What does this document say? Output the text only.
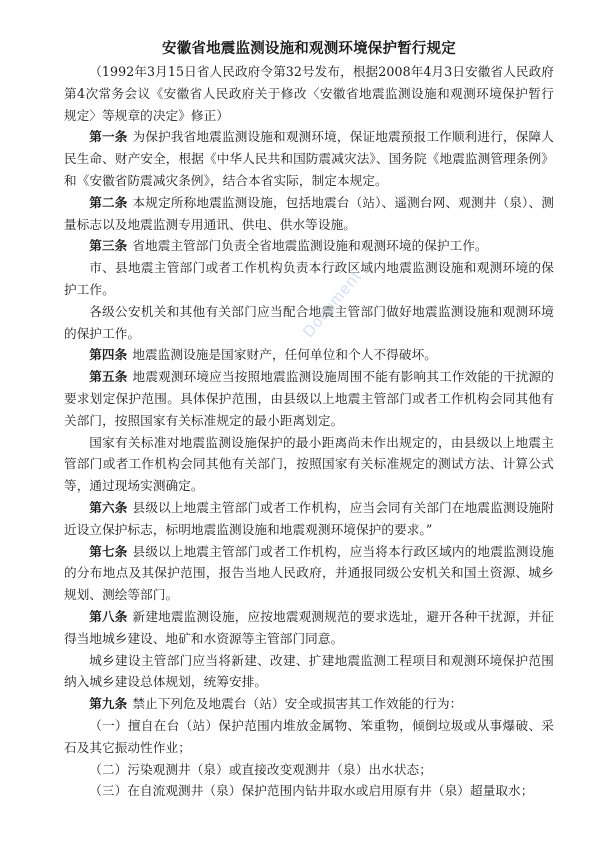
安徽省地震监测设施和观测环境保护暂行规定

（1992年3月15日省人民政府令第32号发布，根据2008年4月3日安徽省人民政府第4次常务会议《安徽省人民政府关于修改〈安徽省地震监测设施和观测环境保护暂行规定〉等规章的决定》修正）

第一条 为保护我省地震监测设施和观测环境，保证地震预报工作顺利进行，保障人民生命、财产安全，根据《中华人民共和国防震减灾法》、国务院《地震监测管理条例》和《安徽省防震减灾条例》，结合本省实际，制定本规定。

第二条 本规定所称地震监测设施，包括地震台（站）、遥测台网、观测井（泉）、测量标志以及地震监测专用通讯、供电、供水等设施。

第三条 省地震主管部门负责全省地震监测设施和观测环境的保护工作。

市、县地震主管部门或者工作机构负责本行政区域内地震监测设施和观测环境的保护工作。

各级公安机关和其他有关部门应当配合地震主管部门做好地震监测设施和观测环境的保护工作。

第四条 地震监测设施是国家财产，任何单位和个人不得破坏。

第五条 地震观测环境应当按照地震监测设施周围不能有影响其工作效能的干扰源的要求划定保护范围。具体保护范围，由县级以上地震主管部门或者工作机构会同其他有关部门，按照国家有关标准规定的最小距离划定。

国家有关标准对地震监测设施保护的最小距离尚未作出规定的，由县级以上地震主管部门或者工作机构会同其他有关部门，按照国家有关标准规定的测试方法、计算公式等，通过现场实测确定。

第六条 县级以上地震主管部门或者工作机构，应当会同有关部门在地震监测设施附近设立保护标志，标明地震监测设施和地震观测环境保护的要求。”

第七条 县级以上地震主管部门或者工作机构，应当将本行政区域内的地震监测设施的分布地点及其保护范围，报告当地人民政府，并通报同级公安机关和国土资源、城乡规划、测绘等部门。

第八条 新建地震监测设施，应按地震观测规范的要求选址，避开各种干扰源，并征得当地城乡建设、地矿和水资源等主管部门同意。

城乡建设主管部门应当将新建、改建、扩建地震监测工程项目和观测环境保护范围纳入城乡建设总体规划，统筹安排。

第九条 禁止下列危及地震台（站）安全或损害其工作效能的行为：

（一）擅自在台（站）保护范围内堆放金属物、笨重物，倾倒垃圾或从事爆破、采石及其它振动性作业；

（二）污染观测井（泉）或直接改变观测井（泉）出水状态；

（三）在自流观测井（泉）保护范围内钻井取水或启用原有井（泉）超量取水；

Document
